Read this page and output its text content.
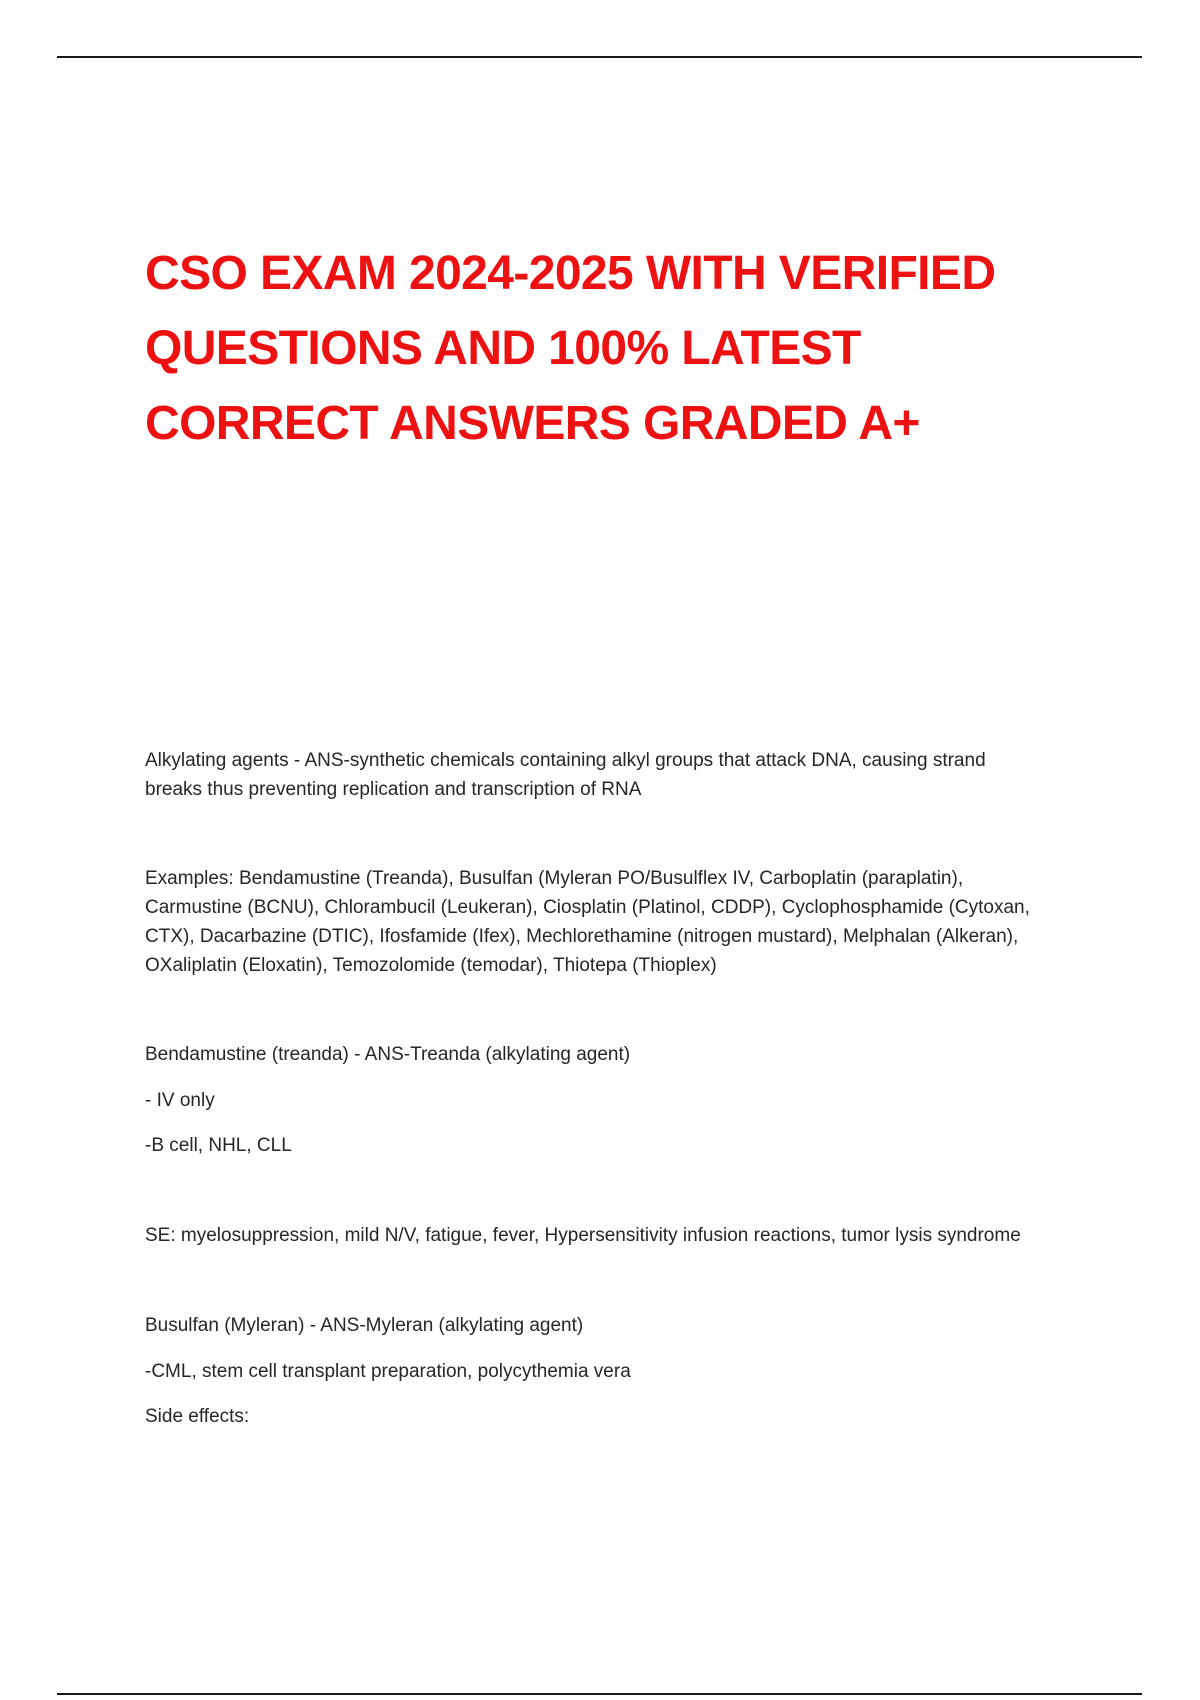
CSO EXAM 2024-2025 WITH VERIFIED
QUESTIONS AND 100% LATEST
CORRECT ANSWERS GRADED A+

Alkylating agents - ANS-synthetic chemicals containing alkyl groups that attack DNA, causing strand

breaks thus preventing replication and transcription of RNA

Examples: Bendamustine (Treanda), Busulfan (Myleran PO/Busulflex IV, Carboplatin (paraplatin),

Carmustine (BCNU), Chlorambucil (Leukeran), Ciosplatin (Platinol, CDDP), Cyclophosphamide (Cytoxan,

CTX), Dacarbazine (DTIC), Ifosfamide (Ifex), Mechlorethamine (nitrogen mustard), Melphalan (Alkeran),

OXaliplatin (Eloxatin), Temozolomide (temodar), Thiotepa (Thioplex)

Bendamustine (treanda) - ANS-Treanda (alkylating agent)

- IV only

-B cell, NHL, CLL

SE: myelosuppression, mild N/V, fatigue, fever, Hypersensitivity infusion reactions, tumor lysis syndrome

Busulfan (Myleran) - ANS-Myleran (alkylating agent)

-CML, stem cell transplant preparation, polycythemia vera

Side effects:
